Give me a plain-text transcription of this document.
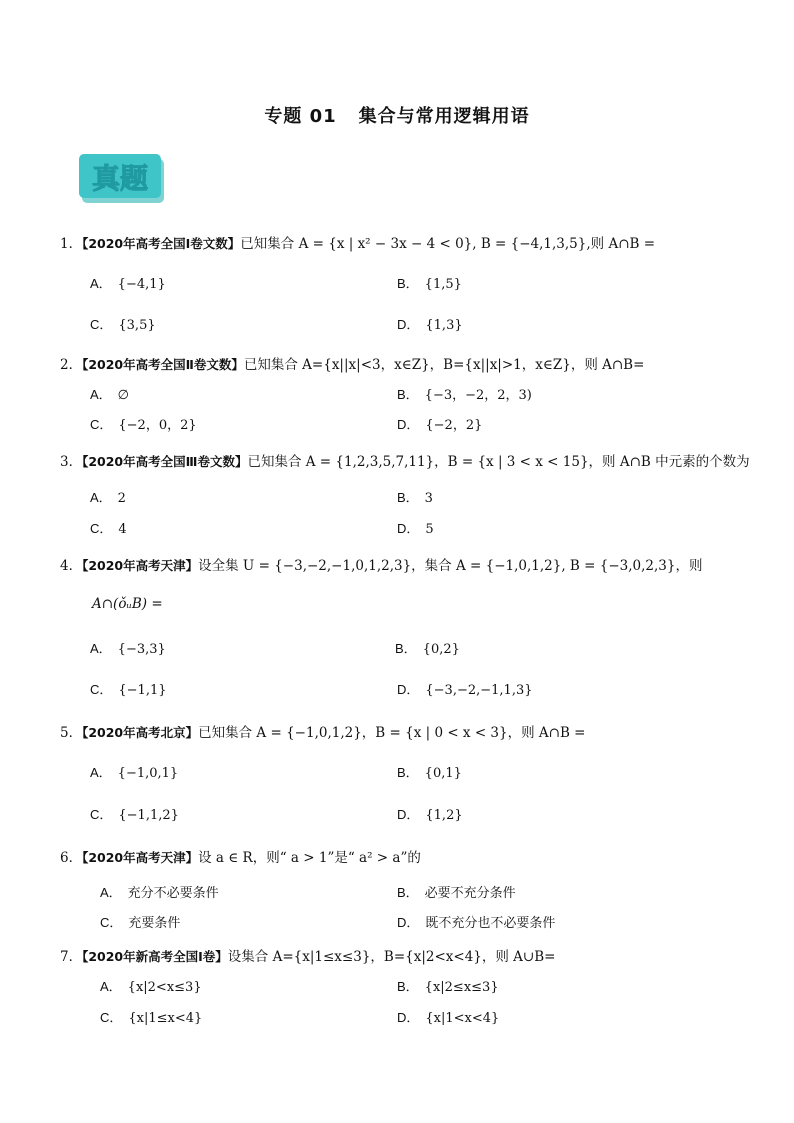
专题 01 集合与常用逻辑用语
真题
1．【2020年高考全国Ⅰ卷文数】已知集合 A = {x | x² − 3x − 4 < 0}, B = {−4,1,3,5},则 A∩B =
A． {−4,1}	B． {1,5}
C． {3,5}	D． {1,3}
2．【2020年高考全国Ⅱ卷文数】已知集合 A={x||x|<3，x∈Z}，B={x||x|>1，x∈Z}，则 A∩B=
A． ∅	B． {−3，−2，2，3)
C． {−2，0，2}	D． {−2，2}
3．【2020年高考全国Ⅲ卷文数】已知集合 A = {1,2,3,5,7,11}，B = {x | 3 < x < 15}，则 A∩B 中元素的个数为
A． 2	B． 3
C． 4	D． 5
4．【2020年高考天津】设全集 U = {−3,−2,−1,0,1,2,3}，集合 A = {−1,0,1,2}, B = {−3,0,2,3}，则
A∩(ǒᵤB) =
A． {−3,3}	B． {0,2}
C． {−1,1}	D． {−3,−2,−1,1,3}
5．【2020年高考北京】已知集合 A = {−1,0,1,2}，B = {x | 0 < x < 3}，则 A∩B =
A． {−1,0,1}	B． {0,1}
C． {−1,1,2}	D． {1,2}
6．【2020年高考天津】设 a ∈ R，则“ a > 1”是“ a² > a”的
A． 充分不必要条件	B． 必要不充分条件
C． 充要条件	D． 既不充分也不必要条件
7．【2020年新高考全国Ⅰ卷】设集合 A={x|1≤x≤3}，B={x|2<x<4}，则 A∪B=
A． {x|2<x≤3}	B． {x|2≤x≤3}
C． {x|1≤x<4}	D． {x|1<x<4}
